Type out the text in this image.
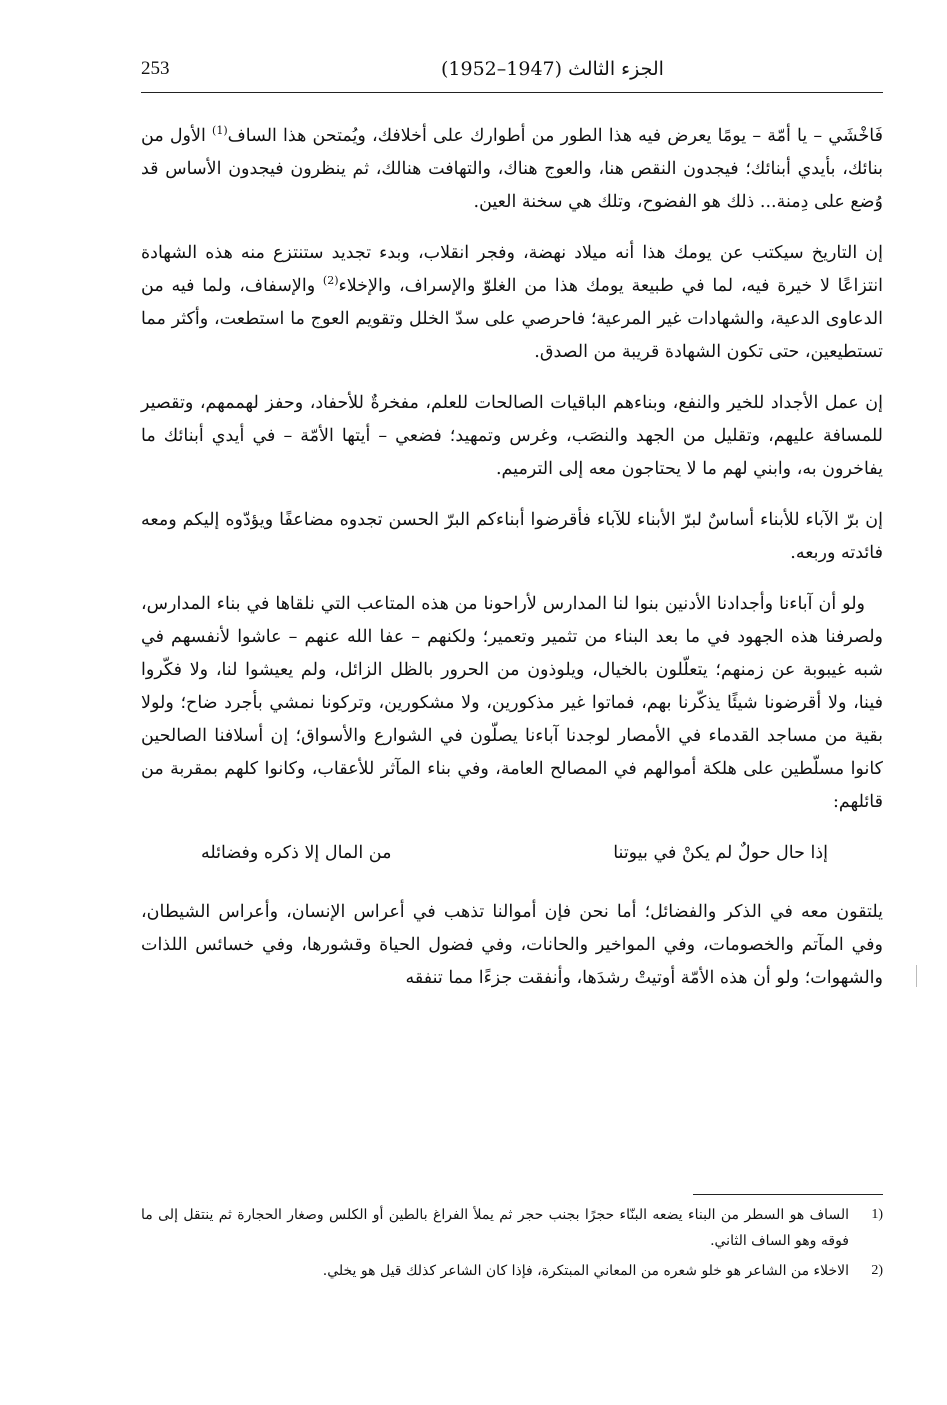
253	الجزء الثالث (1947–1952)

فَاخْشَي – يا أمّة – يومًا يعرض فيه هذا الطور من أطوارك على أخلافك، ويُمتحن هذا الساف$^{(1)}$ الأول من بنائك، بأيدي أبنائك؛ فيجدون النقص هنا، والعوج هناك، والتهافت هنالك، ثم ينظرون فيجدون الأساس قد وُضع على دِمنة... ذلك هو الفضوح، وتلك هي سخنة العين.

إن التاريخ سيكتب عن يومك هذا أنه ميلاد نهضة، وفجر انقلاب، وبدء تجديد ستنتزع منه هذه الشهادة انتزاعًا لا خيرة فيه، لما في طبيعة يومك هذا من الغلوّ والإسراف، والإخلاء$^{(2)}$ والإسفاف، ولما فيه من الدعاوى الدعية، والشهادات غير المرعية؛ فاحرصي على سدّ الخلل وتقويم العوج ما استطعت، وأكثر مما تستطيعين، حتى تكون الشهادة قريبة من الصدق.

إن عمل الأجداد للخير والنفع، وبناءهم الباقيات الصالحات للعلم، مفخرةٌ للأحفاد، وحفز لهممهم، وتقصير للمسافة عليهم، وتقليل من الجهد والنصَب، وغرس وتمهيد؛ فضعي – أيتها الأمّة – في أيدي أبنائك ما يفاخرون به، وابني لهم ما لا يحتاجون معه إلى الترميم.

إن برّ الآباء للأبناء أساسٌ لبرّ الأبناء للآباء فأقرضوا أبناءكم البرّ الحسن تجدوه مضاعفًا ويؤدّوه إليكم ومعه فائدته وربعه.

ولو أن آباءنا وأجدادنا الأدنين بنوا لنا المدارس لأراحونا من هذه المتاعب التي نلقاها في بناء المدارس، ولصرفنا هذه الجهود في ما بعد البناء من تثمير وتعمير؛ ولكنهم – عفا الله عنهم – عاشوا لأنفسهم في شبه غيبوبة عن زمنهم؛ يتعلّلون بالخيال، ويلوذون من الحرور بالظل الزائل، ولم يعيشوا لنا، ولا فكّروا فينا، ولا أقرضونا شيئًا يذكّرنا بهم، فماتوا غير مذكورين، ولا مشكورين، وتركونا نمشي بأجرد ضاح؛ ولولا بقية من مساجد القدماء في الأمصار لوجدنا آباءنا يصلّون في الشوارع والأسواق؛ إن أسلافنا الصالحين كانوا مسلّطين على هلكة أموالهم في المصالح العامة، وفي بناء المآثر للأعقاب، وكانوا كلهم بمقربة من قائلهم:

إذا حال حولٌ لم يكنْ في بيوتنا
من المال إلا ذكره وفضائله

يلتقون معه في الذكر والفضائل؛ أما نحن فإن أموالنا تذهب في أعراس الإنسان، وأعراس الشيطان، وفي المآتم والخصومات، وفي المواخير والحانات، وفي فضول الحياة وقشورها، وفي خسائس اللذات والشهوات؛ ولو أن هذه الأمّة أوتيتْ رشدَها، وأنفقت جزءًا مما تنفقه

1)
الساف هو السطر من البناء يضعه البنّاء حجرًا بجنب حجر ثم يملأ الفراغ بالطين أو الكلس وصغار الحجارة ثم ينتقل إلى ما فوقه وهو الساف الثاني.
2)
الاخلاء من الشاعر هو خلو شعره من المعاني المبتكرة، فإذا كان الشاعر كذلك قيل هو يخلي.
